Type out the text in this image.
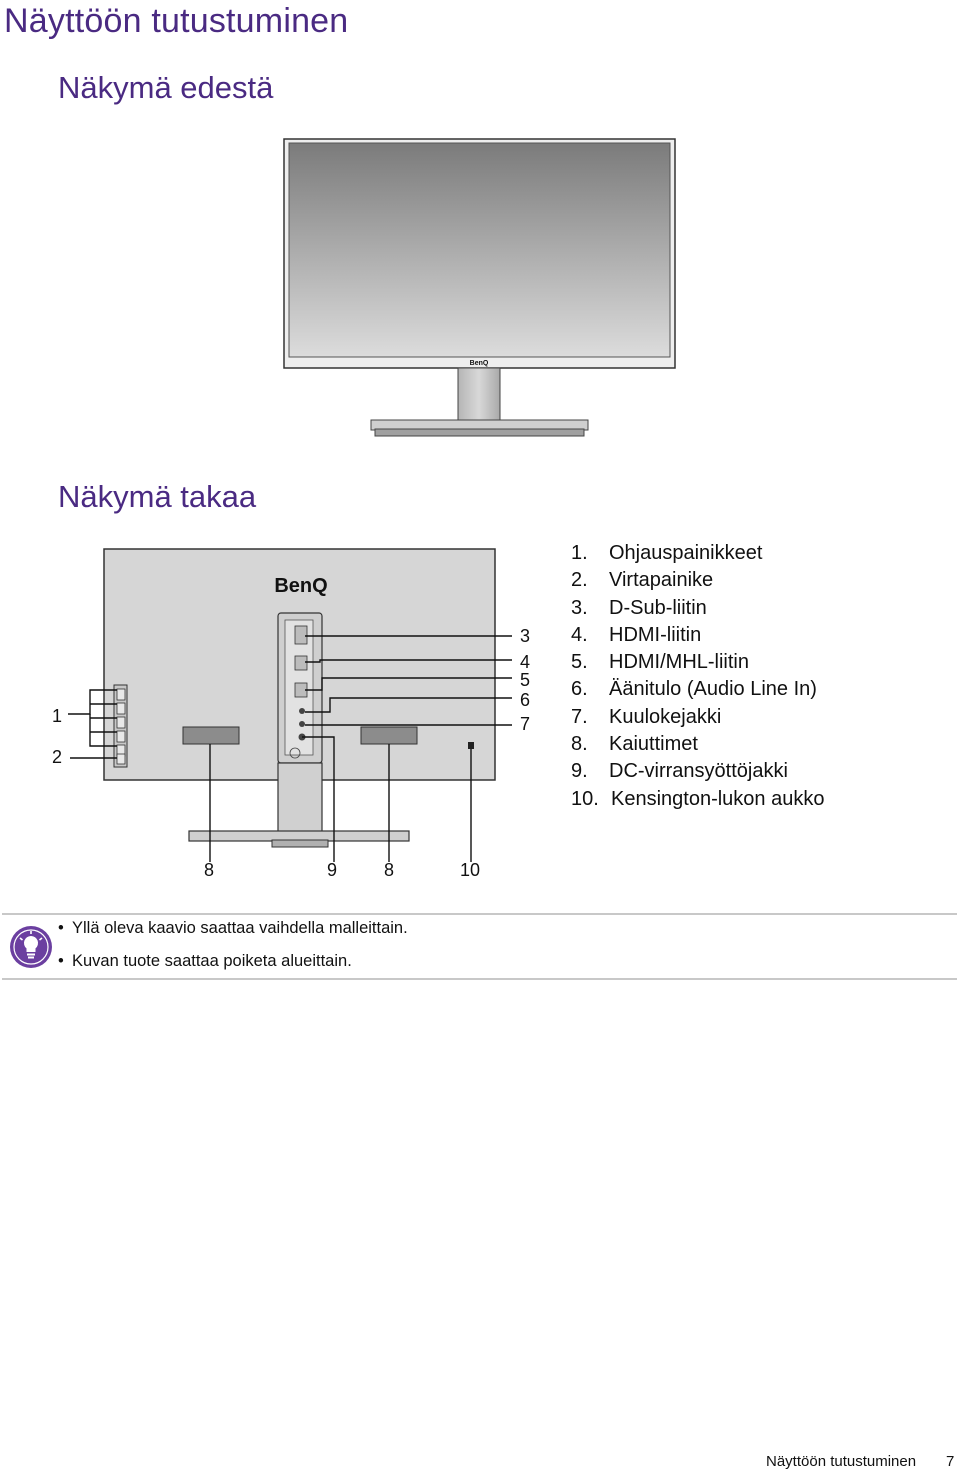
Näyttöön tutustuminen
Näkymä edestä
Näkymä takaa
BenQ
BenQ
1
2
3
4
5
6
7
8	9	8	10
1. Ohjauspainikkeet
2. Virtapainike
3. D-Sub-liitin
4. HDMI-liitin
5. HDMI/MHL-liitin
6. Äänitulo (Audio Line In)
7. Kuulokejakki
8. Kaiuttimet
9. DC-virransyöttöjakki
10. Kensington-lukon aukko
• Yllä oleva kaavio saattaa vaihdella malleittain.
• Kuvan tuote saattaa poiketa alueittain.
Näyttöön tutustuminen 7
